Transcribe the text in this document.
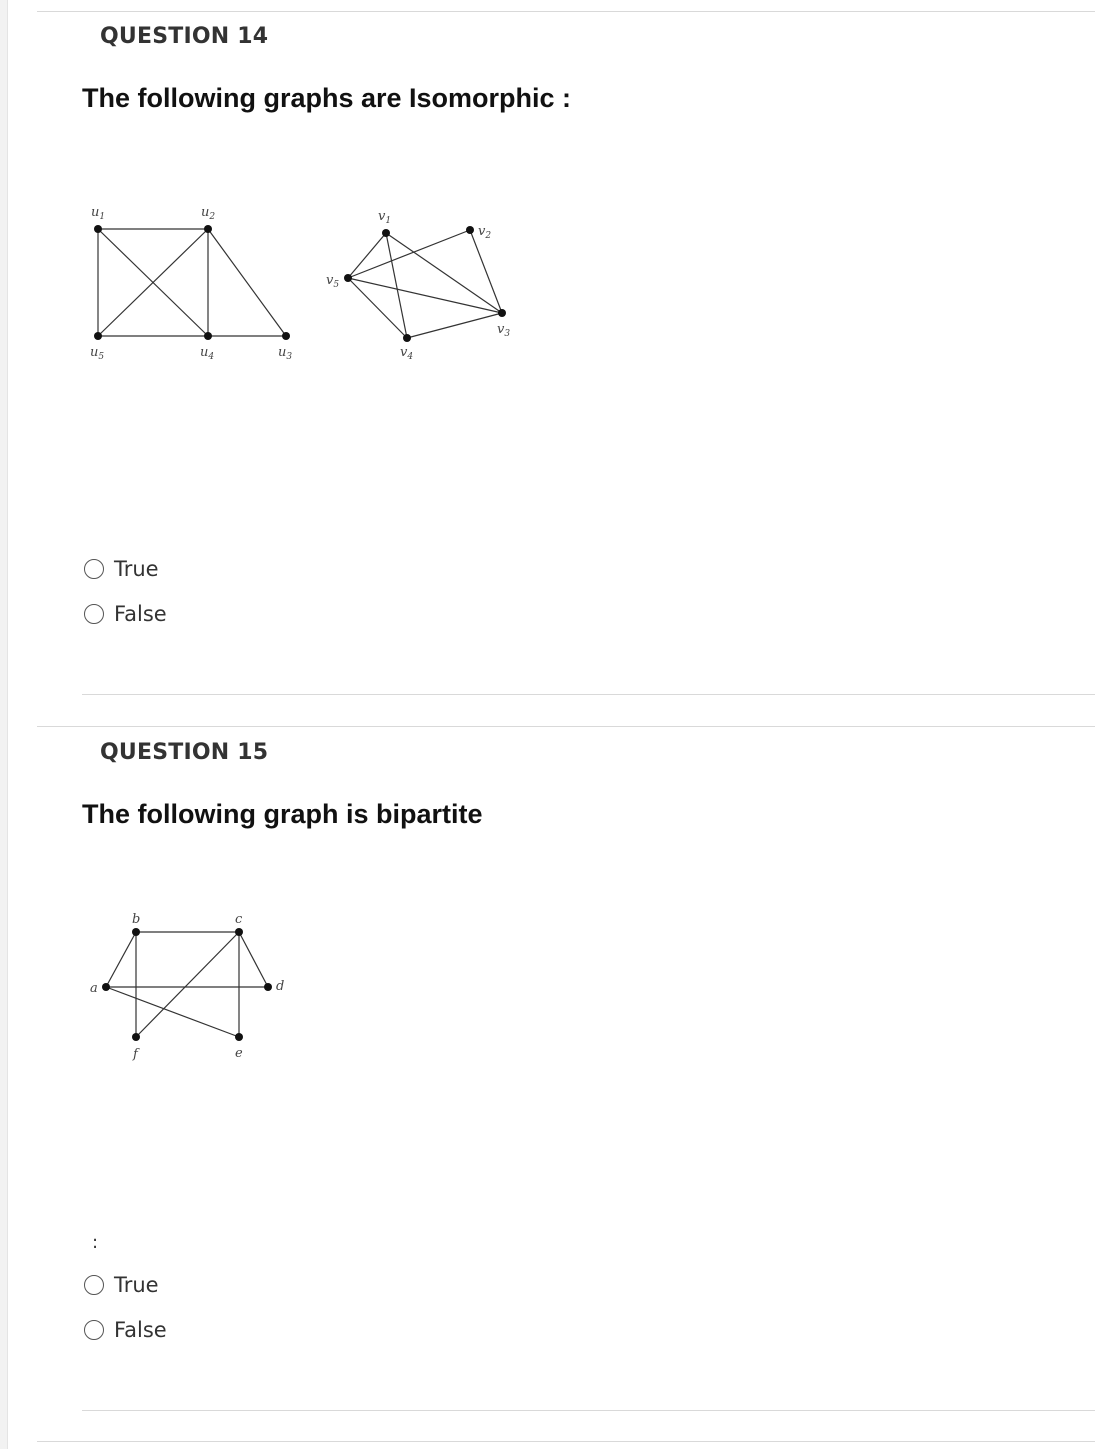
QUESTION 14
The following graphs are Isomorphic :
$u_1$	$u_2$
$u_3$
$u_4$
$u_5$
$v_1$
$v_2$
$v_3$
$v_4$
$v_5$
True
False
QUESTION 15
The following graph is bipartite
a
b	c
d
e
f
:
True
False
